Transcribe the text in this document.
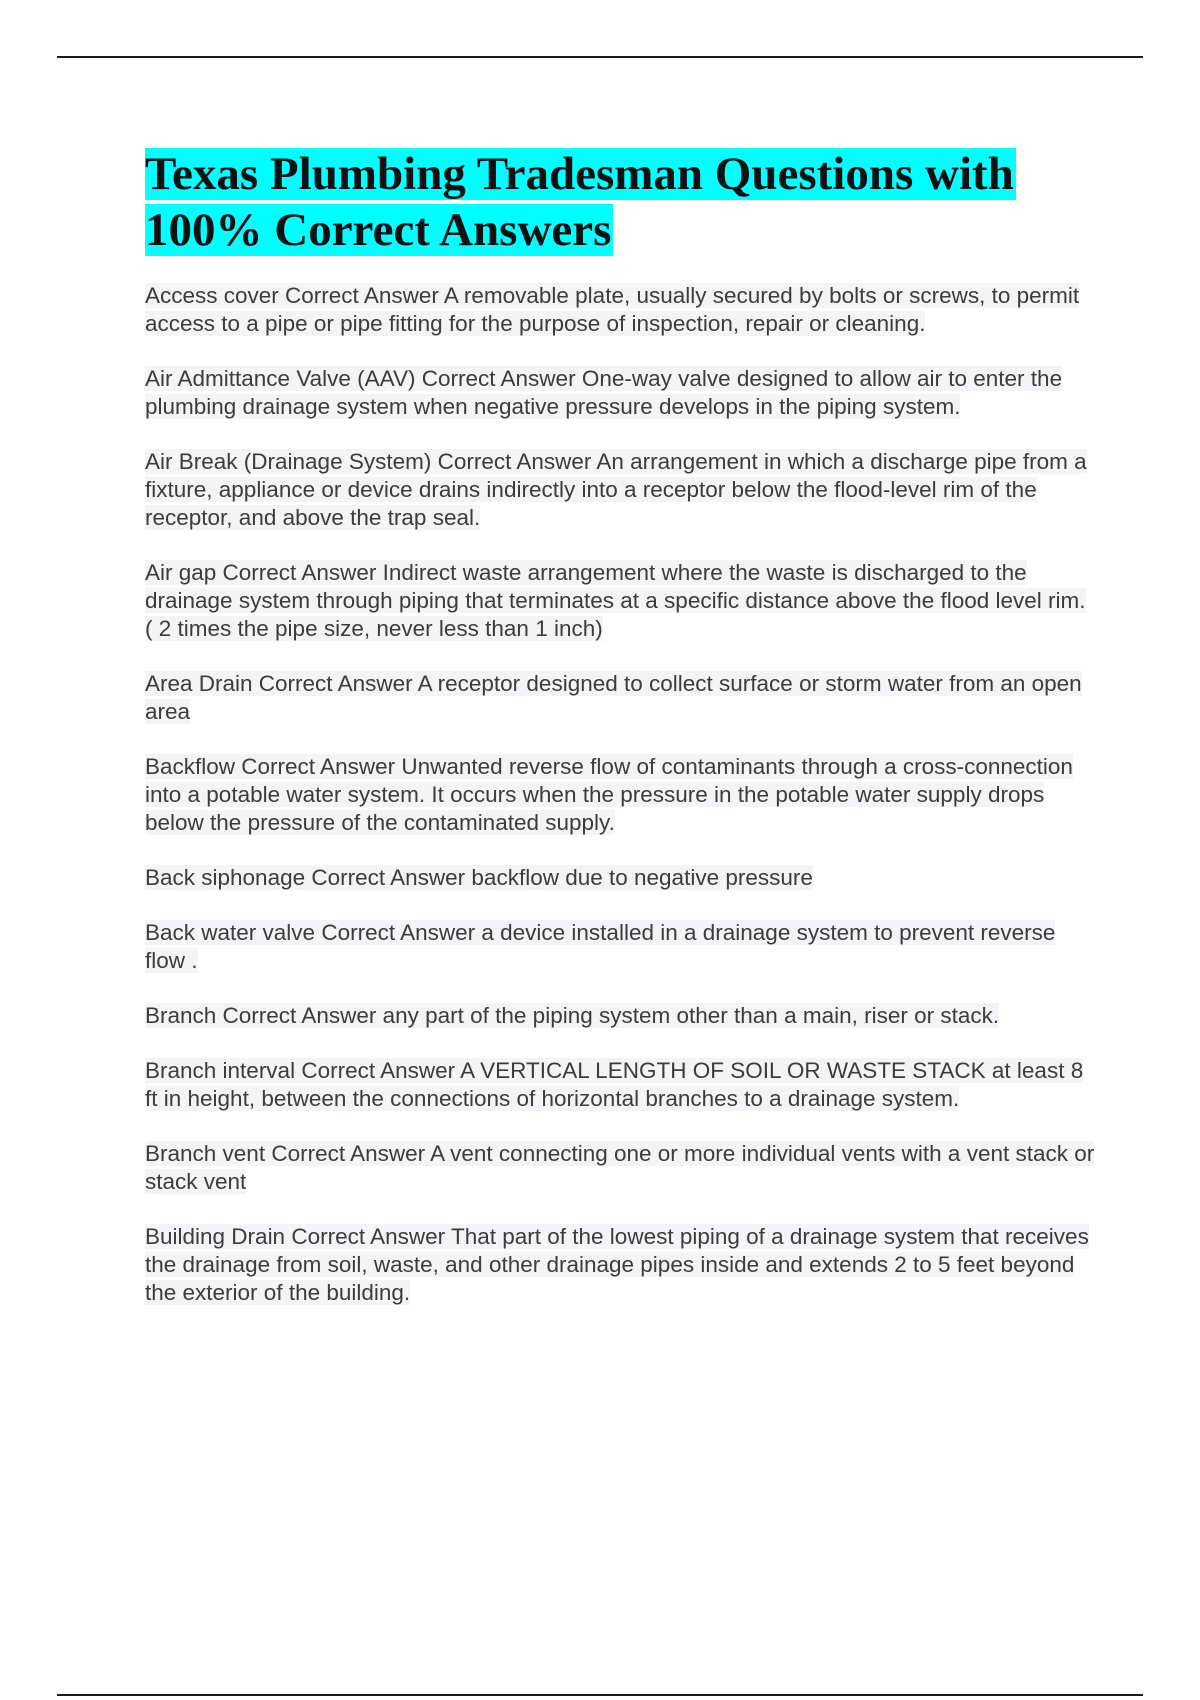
Texas Plumbing Tradesman Questions with
100% Correct Answers

Access cover Correct Answer A removable plate, usually secured by bolts or screws, to permit access to a pipe or pipe fitting for the purpose of inspection, repair or cleaning.

Air Admittance Valve (AAV) Correct Answer One-way valve designed to allow air to enter the plumbing drainage system when negative pressure develops in the piping system.

Air Break (Drainage System) Correct Answer An arrangement in which a discharge pipe from a fixture, appliance or device drains indirectly into a receptor below the flood-level rim of the receptor, and above the trap seal.

Air gap Correct Answer Indirect waste arrangement where the waste is discharged to the drainage system through piping that terminates at a specific distance above the flood level rim. ( 2 times the pipe size, never less than 1 inch)

Area Drain Correct Answer A receptor designed to collect surface or storm water from an open area

Backflow Correct Answer Unwanted reverse flow of contaminants through a cross-connection into a potable water system. It occurs when the pressure in the potable water supply drops below the pressure of the contaminated supply.

Back siphonage Correct Answer backflow due to negative pressure

Back water valve Correct Answer a device installed in a drainage system to prevent reverse flow .

Branch Correct Answer any part of the piping system other than a main, riser or stack.

Branch interval Correct Answer A VERTICAL LENGTH OF SOIL OR WASTE STACK at least 8 ft in height, between the connections of horizontal branches to a drainage system.

Branch vent Correct Answer A vent connecting one or more individual vents with a vent stack or stack vent

Building Drain Correct Answer That part of the lowest piping of a drainage system that receives the drainage from soil, waste, and other drainage pipes inside and extends 2 to 5 feet beyond the exterior of the building.
